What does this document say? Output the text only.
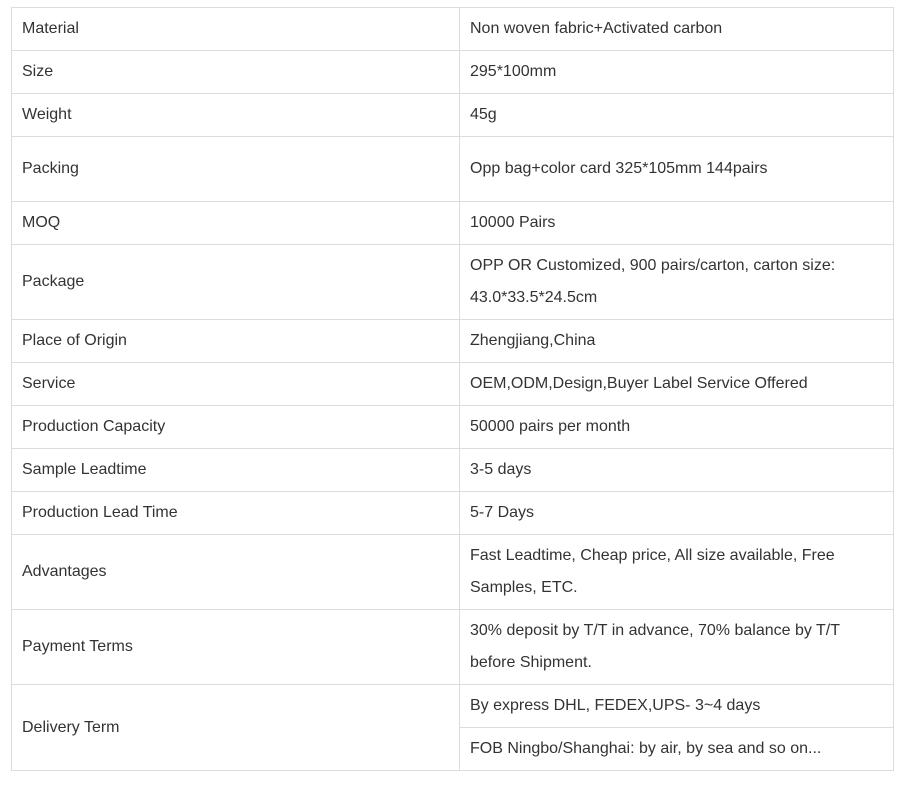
Material	Non woven fabric+Activated carbon
Size	295*100mm
Weight	45g
Packing	Opp bag+color card 325*105mm 144pairs
MOQ	10000 Pairs
Package	OPP OR Customized, 900 pairs/carton, carton size: 43.0*33.5*24.5cm
Place of Origin	Zhengjiang,China
Service	OEM,ODM,Design,Buyer Label Service Offered
Production Capacity	50000 pairs per month
Sample Leadtime	3-5 days
Production Lead Time	5-7 Days
Advantages	Fast Leadtime, Cheap price, All size available, Free Samples, ETC.
Payment Terms	30% deposit by T/T in advance, 70% balance by T/T before Shipment.
Delivery Term	By express DHL, FEDEX,UPS- 3~4 days
	FOB Ningbo/Shanghai: by air, by sea and so on...
